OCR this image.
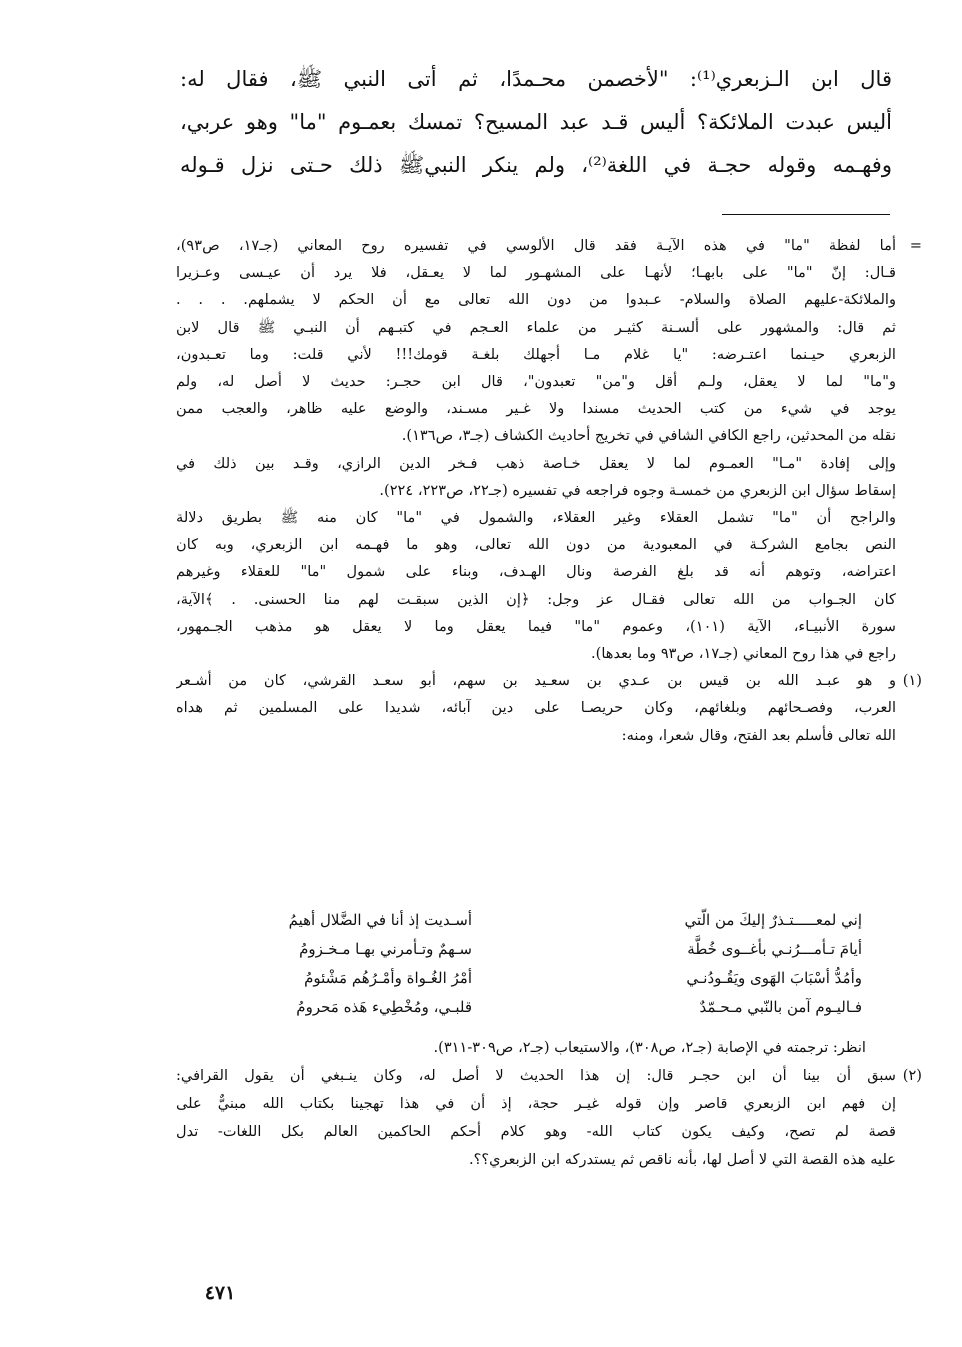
قال ابن الـزبعري⁽¹⁾: "لأخصمن محـمدًا، ثم أتى النبي ﷺ، فقال له:
أليس عبدت الملائكة؟ أليس قـد عبد المسيح؟ تمسك بعمـوم "ما" وهو عربي،
وفهـمه وقوله حجـة في اللغة⁽²⁾، ولم ينكر النبيﷺ ذلك حـتى نزل قـوله
=
أما لفظة "ما" في هذه الآيـة فقد قال الألوسي في تفسيره روح المعاني (جـ١٧، ص٩٣)،
قـال: إنّ "ما" على بابهـا؛ لأنهـا على المشهـور لما لا يعـقل، فلا يرد أن عيـسى وعـزيرا
والملائكة-عليهم الصلاة والسلام- عـبدوا من دون الله تعالى مع أن الحكم لا يشملهم. . . .
ثم قال: والمشهور على ألسـنة كثيـر من علماء العـجم في كتبـهم أن النبـي ﷺ قال لابن
الزبعري حيـنما اعتـرضه: "يا غلام مـا أجهلك بلغـة قومك!!! لأني قلت: وما تعـبدون،
و"ما" لما لا يعقل، ولـم أقل و"من" تعبدون"، قال ابن حجـر: حديث لا أصل له، ولم
يوجد في شيء من كتب الحديث مسندا ولا غـير مسـند، والوضع عليه ظاهر، والعجب ممن
نقله من المحدثين، راجع الكافي الشافي في تخريج أحاديث الكشاف (جـ٣، ص١٣٦).
وإلى إفادة "مـا" العمـوم لما لا يعقل خـاصة ذهب فـخر الدين الرازي، وقـد بين ذلك في
إسقاط سؤال ابن الزبعري من خمسـة وجوه فراجعه في تفسيره (جـ٢٢، ص٢٢٣، ٢٢٤).
والراجح أن "ما" تشمل العقلاء وغير العقلاء، والشمول في "ما" كان منه ﷺ بطريق دلالة
النص بجامع الشركـة في المعبودية من دون الله تعالى، وهو ما فهـمه ابن الزبعري، وبه كان
اعتراضه، وتوهم أنه قد بلغ الفرصة ونال الهـدف، وبناء على شمول "ما" للعقلاء وغيرهم
كان الجـواب من الله تعالى فقـال عز وجل: ﴿إن الذين سبقـت لهم منا الحسنى. . ﴾الآية،
سورة الأنبيـاء، الآية (١٠١)، وعموم "ما" فيما يعقل وما لا يعقل هو مذهب الجـمهور،
راجع في هذا روح المعاني (جـ١٧، ص٩٣ وما بعدها).
(١)
و هو عبـد الله بن قيس بن عـدي بن سعـيد بن سهم، أبو سعـد القرشي، كان من أشـعر
العرب، وفصـحائهم وبلغائهم، وكان حريصـا على دين آبائه، شديدا على المسلمين ثم هداه
الله تعالى فأسلم بعد الفتح، وقال شعرا، ومنه:
إني لمعـــــتـذرٌ إليكَ من الّتي
أسـديت إذ أنا في الضَّلال أهيمُ
أيامَ تـأمـــرُنـي بأغــوى خُطَّة
سـهمٌ وتـأمرني بهـا مـخـزومُ
وأمُدُّ أسْبَابَ الهَوى ويَقُـودُنـي
أمْرُ الغُـواة وأمْـرُهُم مَشْئومُ
فـاليـوم آمن بالنّبي مـحـمّدٌ
قلبـي، ومُخْطِيء هَذه مَحرومُ
انظر: ترجمته في الإصابة (جـ٢، ص٣٠٨)، والاستيعاب (جـ٢، ص٣٠٩-٣١١).
(٢)
سبق أن بينا أن ابن حجـر قال: إن هذا الحديث لا أصل له، وكان ينـبغي أن يقول القرافي:
إن فهم ابن الزبعري قاصر وإن قوله غيـر حجة، إذ أن في هذا تهجينا بكتاب الله مبنيٌّ على
قصة لم تصح، وكيف يكون كتاب الله- وهو كلام أحكم الحاكمين العالم بكل اللغات- تدل
عليه هذه القصة التي لا أصل لها، بأنه ناقص ثم يستدركه ابن الزبعري؟؟.
٤٧١
